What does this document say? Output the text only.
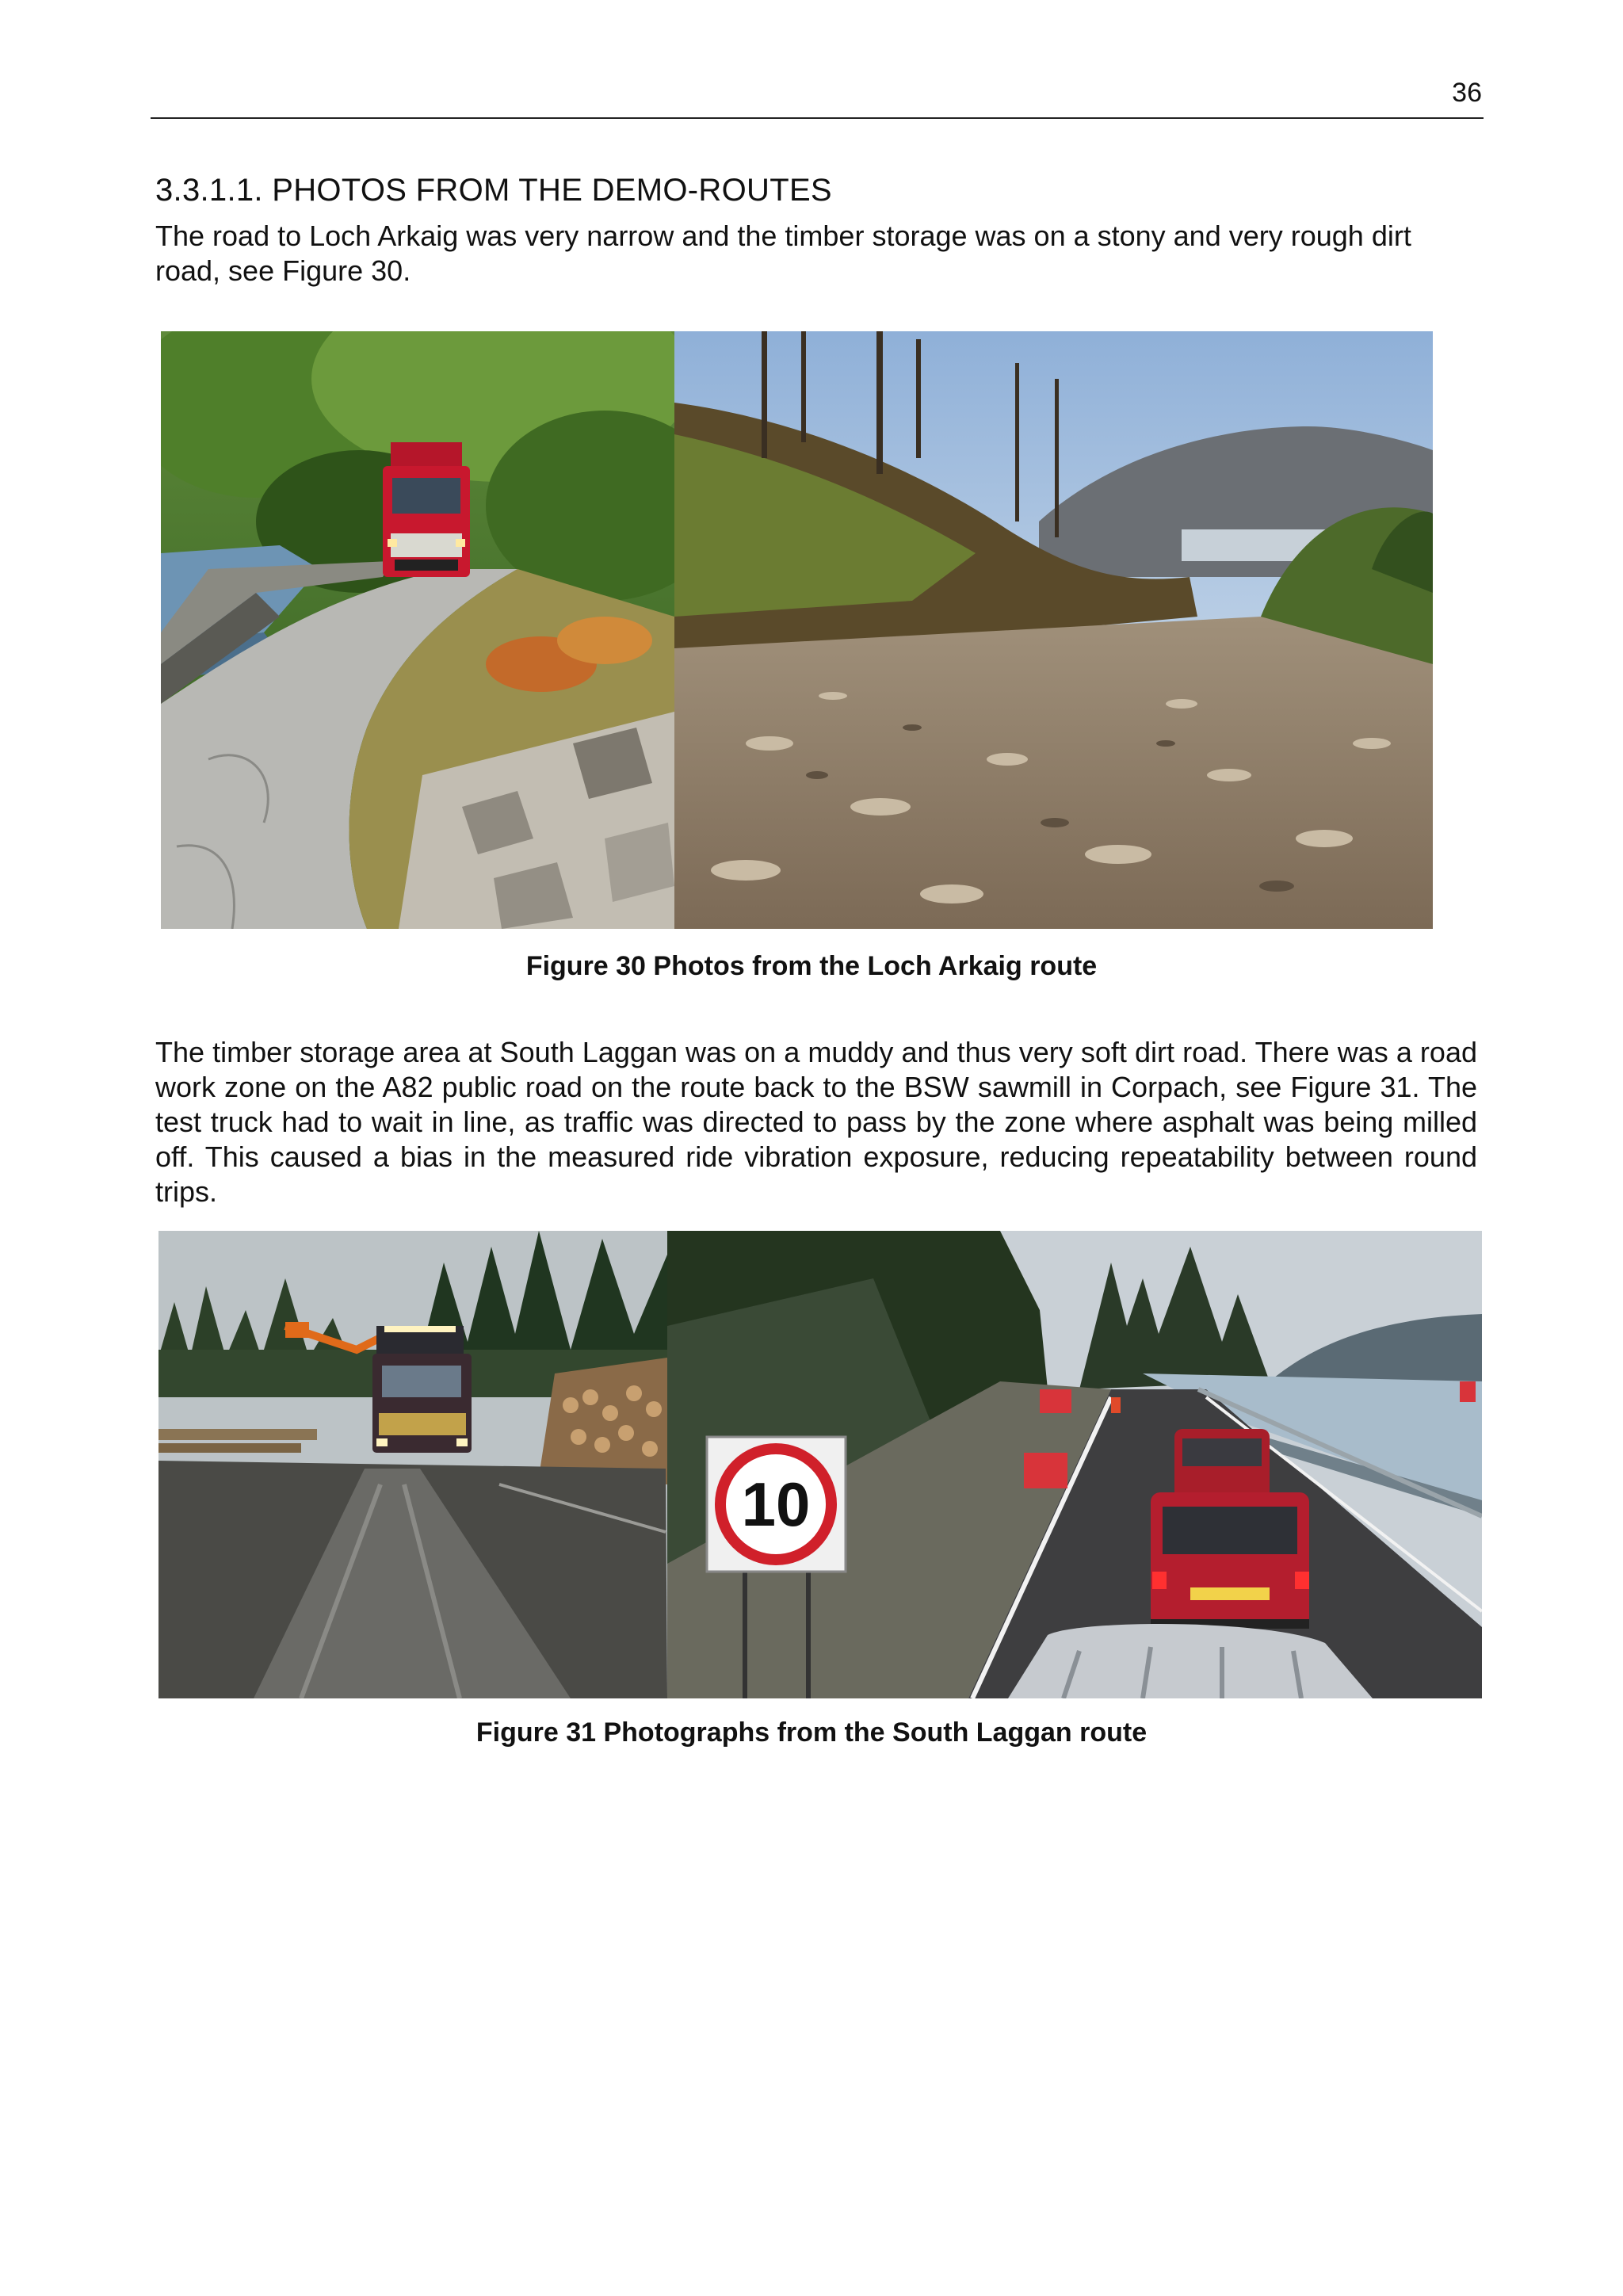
36
3.3.1.1. PHOTOS FROM THE DEMO-ROUTES

The road to Loch Arkaig was very narrow and the timber storage was on a stony and very rough dirt road, see Figure 30.

Figure 30 Photos from the Loch Arkaig route

The timber storage area at South Laggan was on a muddy and thus very soft dirt road. There was a road work zone on the A82 public road on the route back to the BSW sawmill in Corpach, see Figure 31. The test truck had to wait in line, as traffic was directed to pass by the zone where asphalt was being milled off. This caused a bias in the measured ride vibration exposure, reducing repeatability between round trips.

10
Figure 31 Photographs from the South Laggan route
